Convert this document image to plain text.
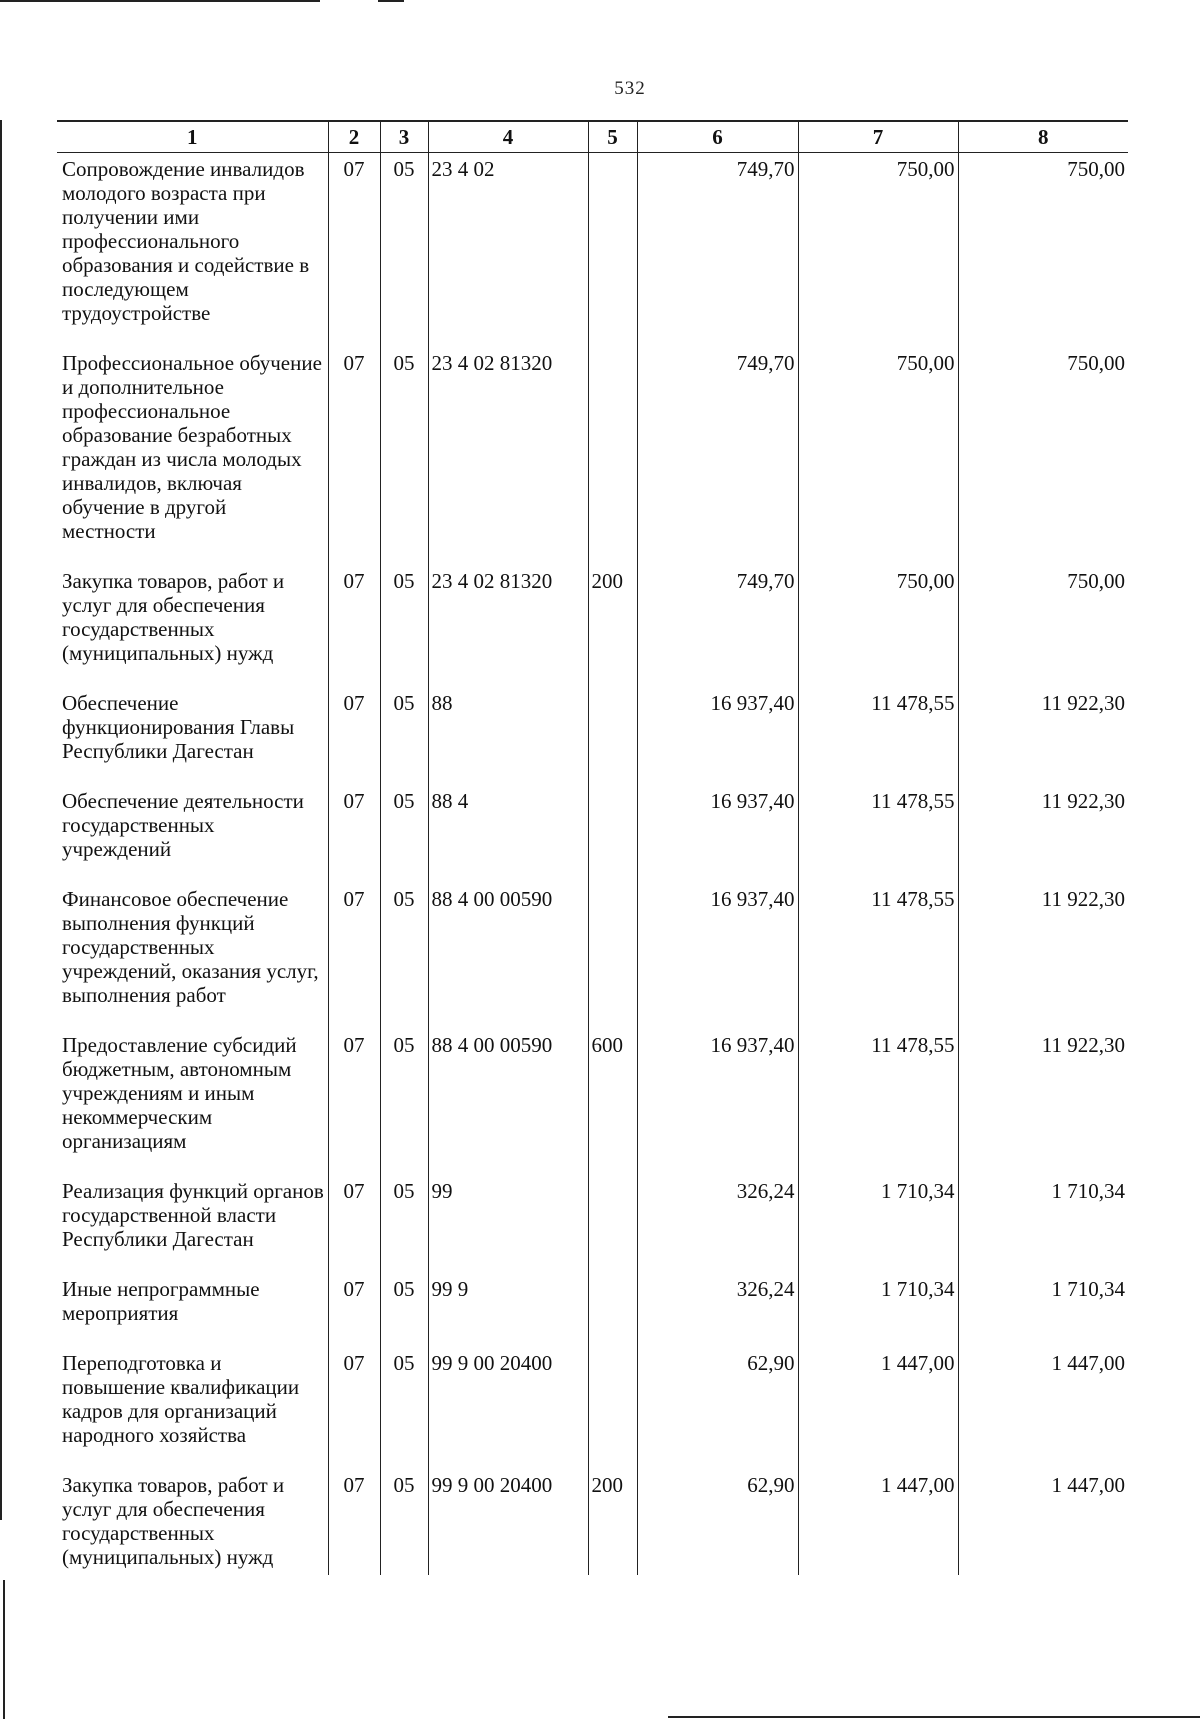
532
1	2	3	4	5	6	7	8
Сопровождение инвалидов молодого возраста при получении ими профессионального образования и содействие в последующем трудоустройстве	07	05	23 4 02		749,70	750,00	750,00
Профессиональное обучение и дополнительное профессиональное образование безработных граждан из числа молодых инвалидов, включая обучение в другой местности	07	05	23 4 02 81320		749,70	750,00	750,00
Закупка товаров, работ и услуг для обеспечения государственных (муниципальных) нужд	07	05	23 4 02 81320	200	749,70	750,00	750,00
Обеспечение функционирования Главы Республики Дагестан	07	05	88		16 937,40	11 478,55	11 922,30
Обеспечение деятельности государственных учреждений	07	05	88 4		16 937,40	11 478,55	11 922,30
Финансовое обеспечение выполнения функций государственных учреждений, оказания услуг, выполнения работ	07	05	88 4 00 00590		16 937,40	11 478,55	11 922,30
Предоставление субсидий бюджетным, автономным учреждениям и иным некоммерческим организациям	07	05	88 4 00 00590	600	16 937,40	11 478,55	11 922,30
Реализация функций органов государственной власти Республики Дагестан	07	05	99		326,24	1 710,34	1 710,34
Иные непрограммные мероприятия	07	05	99 9		326,24	1 710,34	1 710,34
Переподготовка и повышение квалификации кадров для организаций народного хозяйства	07	05	99 9 00 20400		62,90	1 447,00	1 447,00
Закупка товаров, работ и услуг для обеспечения государственных (муниципальных) нужд	07	05	99 9 00 20400	200	62,90	1 447,00	1 447,00
